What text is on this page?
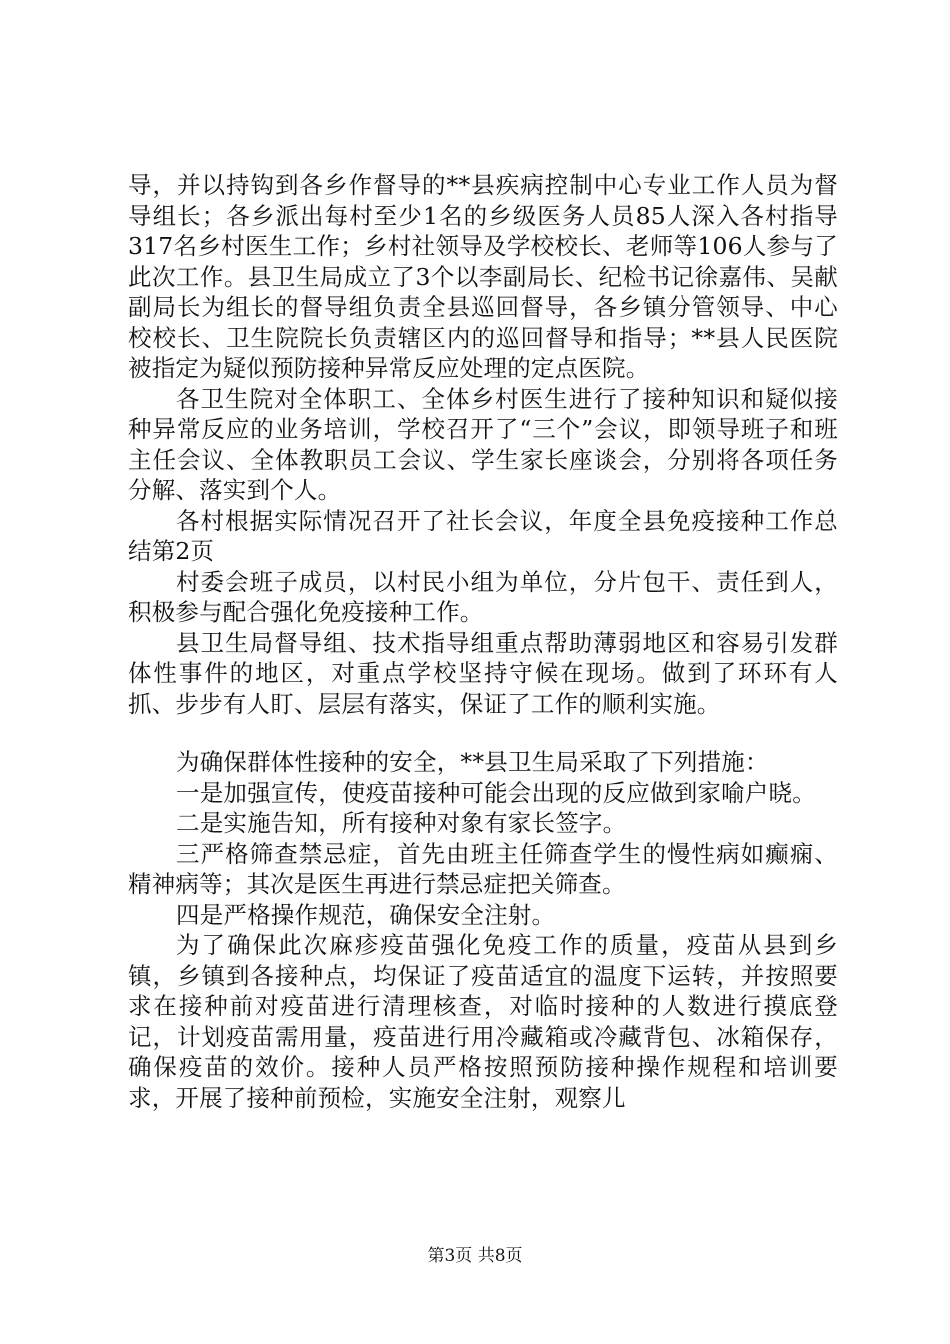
导，并以持钩到各乡作督导的**县疾病控制中心专业工作人员为督导组长；各乡派出每村至少1名的乡级医务人员85人深入各村指导317名乡村医生工作；乡村社领导及学校校长、老师等106人参与了此次工作。县卫生局成立了3个以李副局长、纪检书记徐嘉伟、吴献副局长为组长的督导组负责全县巡回督导，各乡镇分管领导、中心校校长、卫生院院长负责辖区内的巡回督导和指导；**县人民医院被指定为疑似预防接种异常反应处理的定点医院。

各卫生院对全体职工、全体乡村医生进行了接种知识和疑似接种异常反应的业务培训，学校召开了“三个”会议，即领导班子和班主任会议、全体教职员工会议、学生家长座谈会，分别将各项任务分解、落实到个人。

各村根据实际情况召开了社长会议，年度全县免疫接种工作总结第2页

村委会班子成员，以村民小组为单位，分片包干、责任到人，积极参与配合强化免疫接种工作。

县卫生局督导组、技术指导组重点帮助薄弱地区和容易引发群体性事件的地区，对重点学校坚持守候在现场。做到了环环有人抓、步步有人盯、层层有落实，保证了工作的顺利实施。

为确保群体性接种的安全，**县卫生局采取了下列措施：

一是加强宣传，使疫苗接种可能会出现的反应做到家喻户晓。

二是实施告知，所有接种对象有家长签字。

三严格筛查禁忌症，首先由班主任筛查学生的慢性病如癫痫、精神病等；其次是医生再进行禁忌症把关筛查。

四是严格操作规范，确保安全注射。

为了确保此次麻疹疫苗强化免疫工作的质量，疫苗从县到乡镇，乡镇到各接种点，均保证了疫苗适宜的温度下运转，并按照要求在接种前对疫苗进行清理核查，对临时接种的人数进行摸底登记，计划疫苗需用量，疫苗进行用冷藏箱或冷藏背包、冰箱保存，确保疫苗的效价。接种人员严格按照预防接种操作规程和培训要求，开展了接种前预检，实施安全注射，观察儿

第3页 共8页
